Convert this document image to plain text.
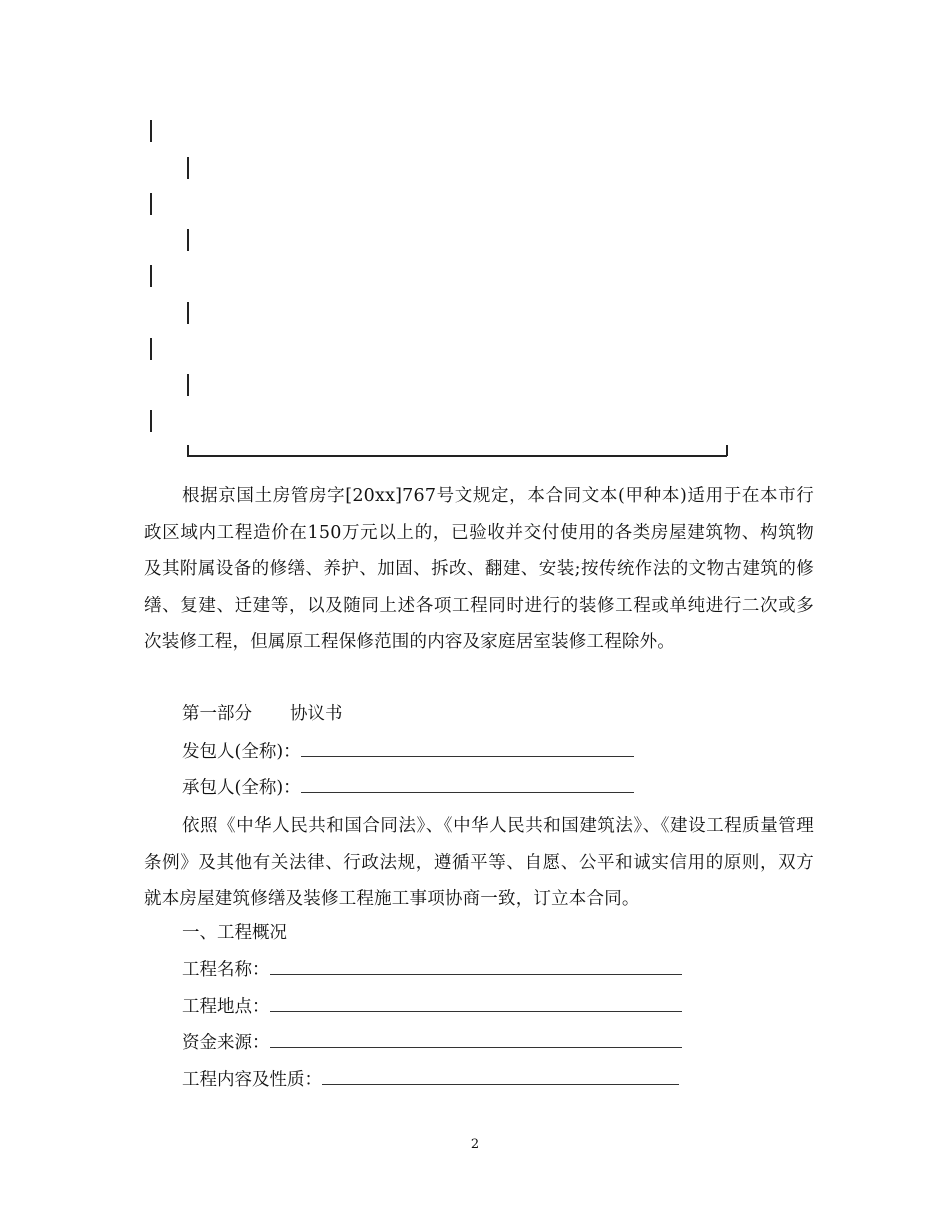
根据京国土房管房字[20xx]767号文规定，本合同文本(甲种本)适用于在本市行政区域内工程造价在150万元以上的，已验收并交付使用的各类房屋建筑物、构筑物及其附属设备的修缮、养护、加固、拆改、翻建、安装;按传统作法的文物古建筑的修缮、复建、迁建等，以及随同上述各项工程同时进行的装修工程或单纯进行二次或多次装修工程，但属原工程保修范围的内容及家庭居室装修工程除外。

第一部分 协议书
发包人(全称)：
承包人(全称)：

依照《中华人民共和国合同法》、《中华人民共和国建筑法》、《建设工程质量管理条例》及其他有关法律、行政法规，遵循平等、自愿、公平和诚实信用的原则，双方就本房屋建筑修缮及装修工程施工事项协商一致，订立本合同。

一、工程概况
工程名称：
工程地点：
资金来源：
工程内容及性质：
2
